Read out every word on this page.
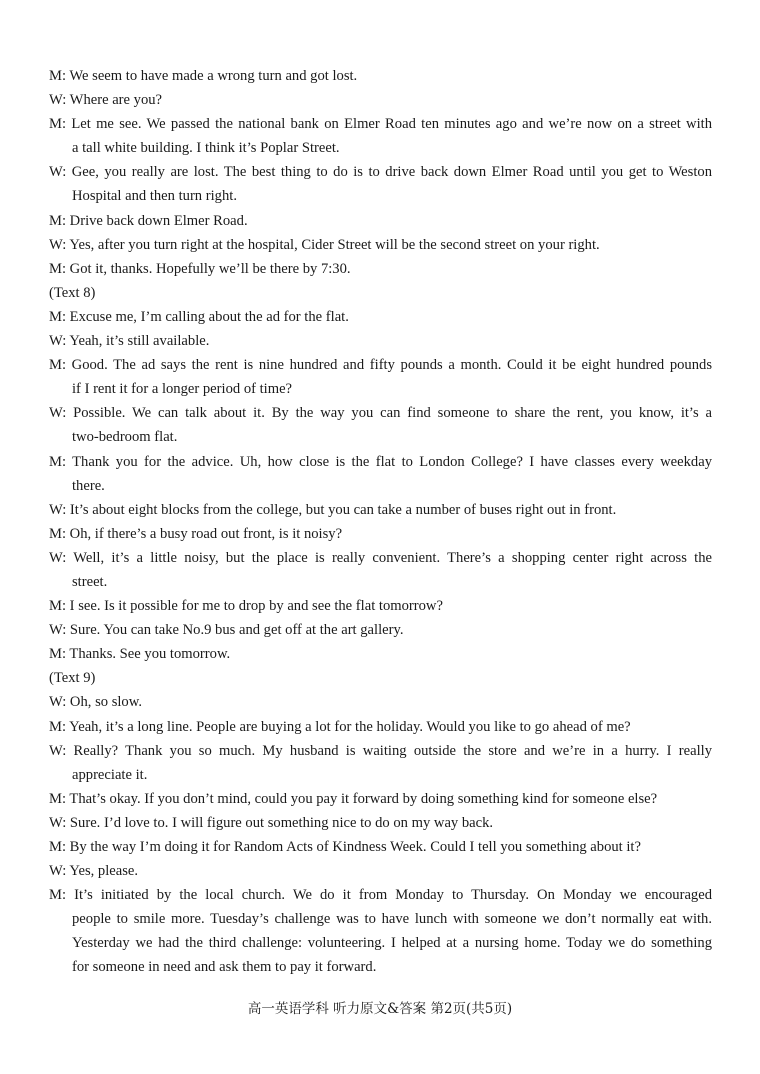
M: We seem to have made a wrong turn and got lost.
W: Where are you?
M: Let me see. We passed the national bank on Elmer Road ten minutes ago and we’re now on a street with
a tall white building. I think it’s Poplar Street.
W: Gee, you really are lost. The best thing to do is to drive back down Elmer Road until you get to Weston
Hospital and then turn right.
M: Drive back down Elmer Road.
W: Yes, after you turn right at the hospital, Cider Street will be the second street on your right.
M: Got it, thanks. Hopefully we’ll be there by 7:30.
(Text 8)
M: Excuse me, I’m calling about the ad for the flat.
W: Yeah, it’s still available.
M: Good. The ad says the rent is nine hundred and fifty pounds a month. Could it be eight hundred pounds
if I rent it for a longer period of time?
W: Possible. We can talk about it. By the way you can find someone to share the rent, you know, it’s a
two-bedroom flat.
M: Thank you for the advice. Uh, how close is the flat to London College? I have classes every weekday
there.
W: It’s about eight blocks from the college, but you can take a number of buses right out in front.
M: Oh, if there’s a busy road out front, is it noisy?
W: Well, it’s a little noisy, but the place is really convenient. There’s a shopping center right across the
street.
M: I see. Is it possible for me to drop by and see the flat tomorrow?
W: Sure. You can take No.9 bus and get off at the art gallery.
M: Thanks. See you tomorrow.
(Text 9)
W: Oh, so slow.
M: Yeah, it’s a long line. People are buying a lot for the holiday. Would you like to go ahead of me?
W: Really? Thank you so much. My husband is waiting outside the store and we’re in a hurry. I really
appreciate it.
M: That’s okay. If you don’t mind, could you pay it forward by doing something kind for someone else?
W: Sure. I’d love to. I will figure out something nice to do on my way back.
M: By the way I’m doing it for Random Acts of Kindness Week. Could I tell you something about it?
W: Yes, please.
M: It’s initiated by the local church. We do it from Monday to Thursday. On Monday we encouraged
people to smile more. Tuesday’s challenge was to have lunch with someone we don’t normally eat with.
Yesterday we had the third challenge: volunteering. I helped at a nursing home. Today we do something
for someone in need and ask them to pay it forward.
高一英语学科 听力原文&答案 第2页(共5页)
